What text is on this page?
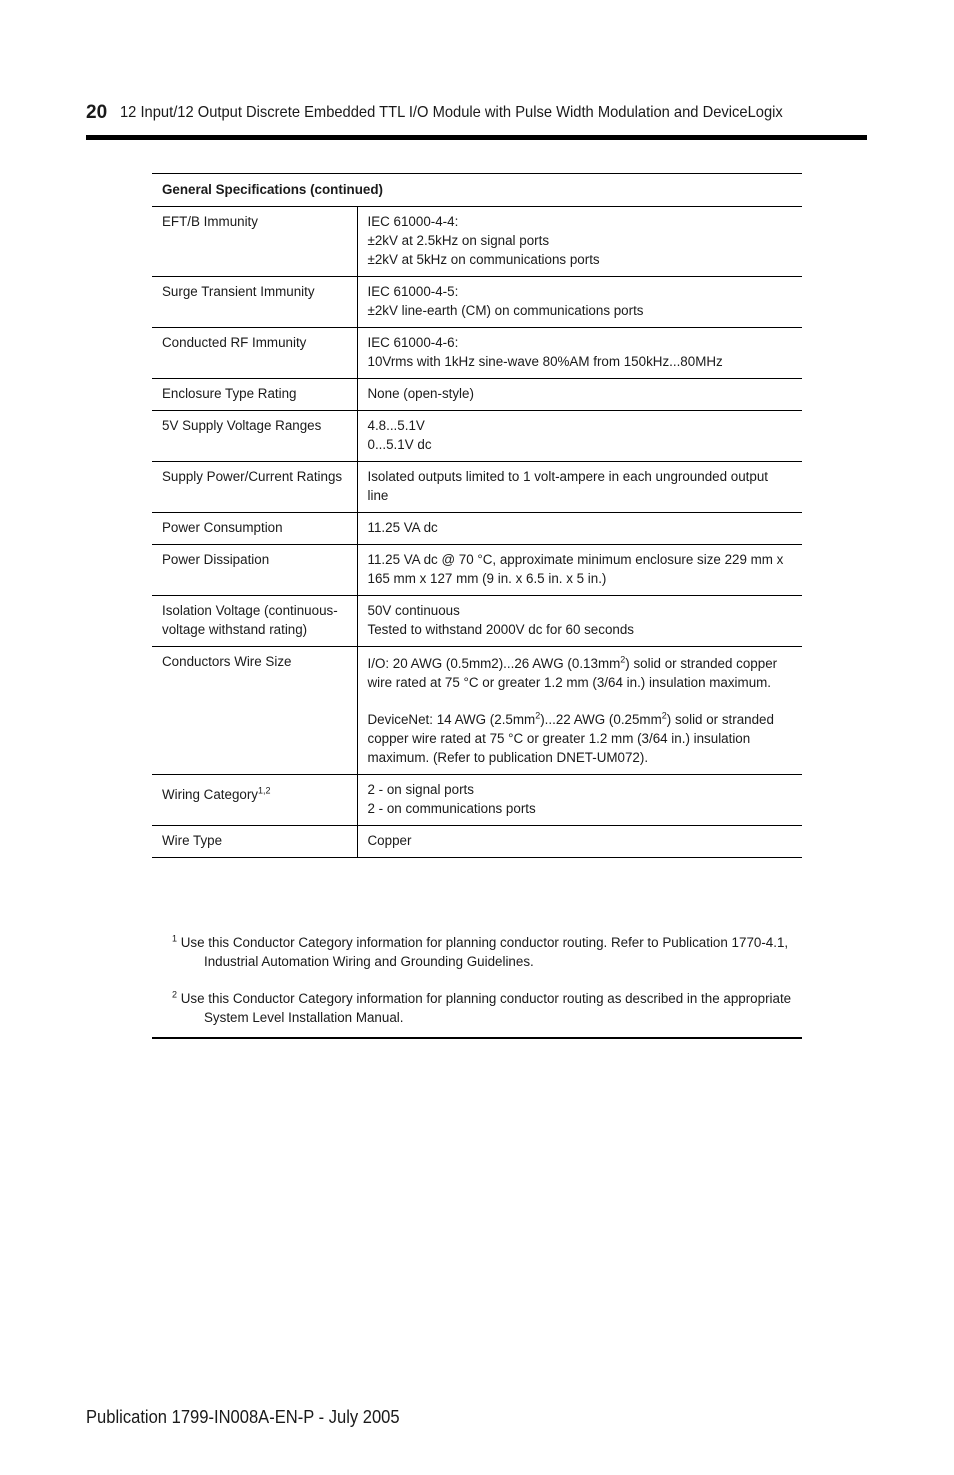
20 12 Input/12 Output Discrete Embedded TTL I/O Module with Pulse Width Modulation and DeviceLogix
General Specifications (continued)	
EFT/B Immunity	IEC 61000-4-4:
±2kV at 2.5kHz on signal ports
±2kV at 5kHz on communications ports

Surge Transient Immunity	IEC 61000-4-5:
±2kV line-earth (CM) on communications ports

Conducted RF Immunity	IEC 61000-4-6:
10Vrms with 1kHz sine-wave 80%AM from 150kHz...80MHz

Enclosure Type Rating	None (open-style)

5V Supply Voltage Ranges	4.8...5.1V
0...5.1V dc

Supply Power/Current Ratings	Isolated outputs limited to 1 volt-ampere in each ungrounded output line

Power Consumption	11.25 VA dc

Power Dissipation	11.25 VA dc @ 70 °C, approximate minimum enclosure size 229 mm x 165 mm x 127 mm (9 in. x 6.5 in. x 5 in.)

Isolation Voltage (continuous-voltage withstand rating)	50V continuous
Tested to withstand 2000V dc for 60 seconds

Conductors Wire Size	I/O: 20 AWG (0.5mm2)...26 AWG $(0.13mm^2)$ solid or stranded copper wire rated at 75 °C or greater 1.2 mm (3/64 in.) insulation maximum.
DeviceNet: 14 AWG $(2.5mm^2)...22$ AWG $(0.25mm^2)$ solid or stranded copper wire rated at 75 °C or greater 1.2 mm (3/64 in.) insulation maximum. (Refer to publication DNET-UM072).

Wiring Category$^{1,2}$	2 - on signal ports
2 - on communications ports

Wire Type	Copper
$^1$ Use this Conductor Category information for planning conductor routing. Refer to Publication 1770-4.1, Industrial Automation Wiring and Grounding Guidelines.
$^2$ Use this Conductor Category information for planning conductor routing as described in the appropriate System Level Installation Manual.
Publication 1799-IN008A-EN-P - July 2005
